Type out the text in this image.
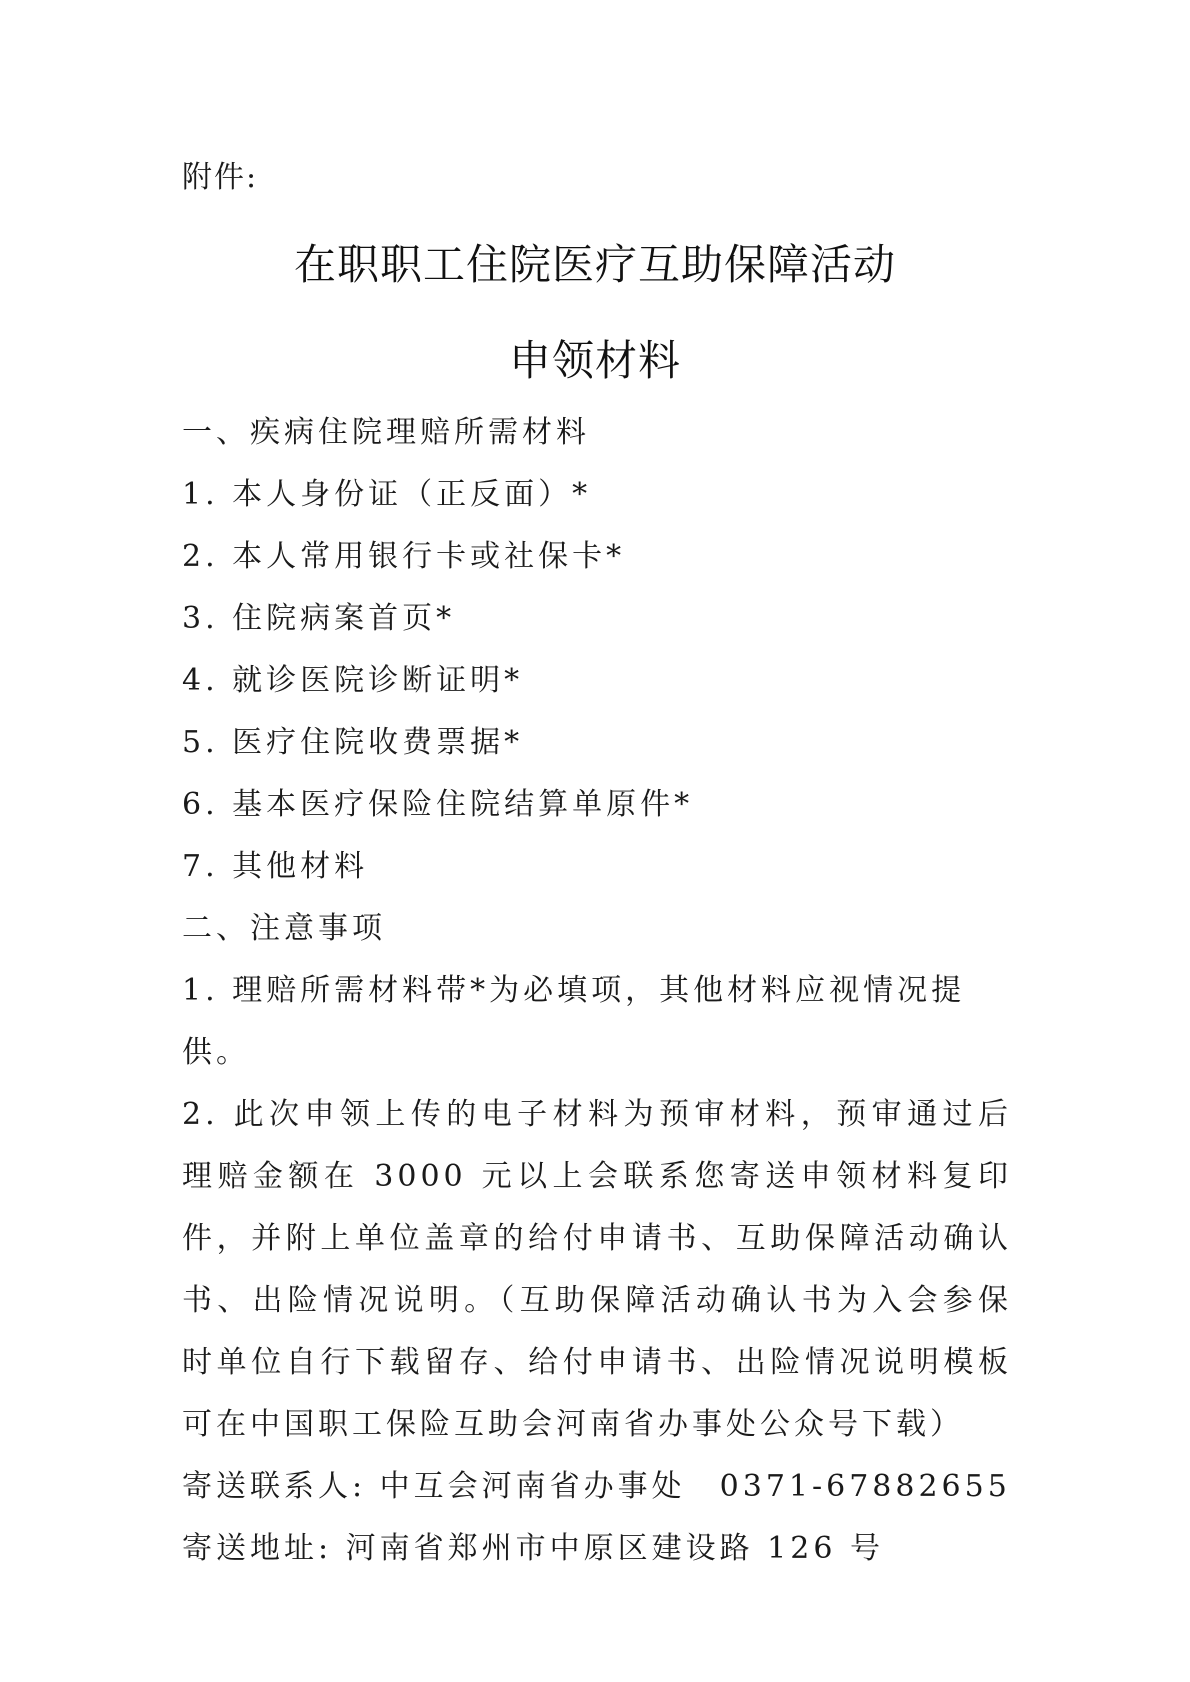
附件:
在职职工住院医疗互助保障活动
申领材料

一、疾病住院理赔所需材料

1. 本人身份证（正反面）*

2. 本人常用银行卡或社保卡*

3. 住院病案首页*

4. 就诊医院诊断证明*

5. 医疗住院收费票据*

6. 基本医疗保险住院结算单原件*

7. 其他材料

二、注意事项

1. 理赔所需材料带*为必填项，其他材料应视情况提供。

2. 此次申领上传的电子材料为预审材料，预审通过后理赔金额在 3000 元以上会联系您寄送申领材料复印件，并附上单位盖章的给付申请书、互助保障活动确认书、出险情况说明。（互助保障活动确认书为入会参保时单位自行下载留存、给付申请书、出险情况说明模板可在中国职工保险互助会河南省办事处公众号下载）

寄送联系人: 中互会河南省办事处　0371-67882655

寄送地址: 河南省郑州市中原区建设路 126 号
